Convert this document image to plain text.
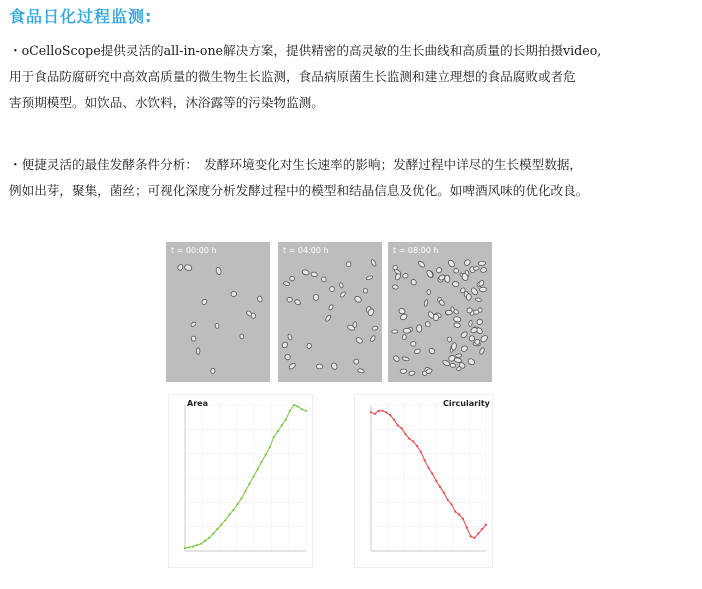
食品日化过程监测:
・oCelloScope提供灵活的all-in-one解决方案，提供精密的高灵敏的生长曲线和高质量的长期拍摄video,
用于食品防腐研究中高效高质量的微生物生长监测，食品病原菌生长监测和建立理想的食品腐败或者危
害预期模型。如饮品、水饮料，沐浴露等的污染物监测。
・便捷灵活的最佳发酵条件分析：　发酵环境变化对生长速率的影响；发酵过程中详尽的生长模型数据，
例如出芽，聚集，菌丝；可视化深度分析发酵过程中的模型和结晶信息及优化。如啤酒风味的优化改良。
t = 00:00 h	t = 04:00 h	t = 08:00 h
Area	Circularity
